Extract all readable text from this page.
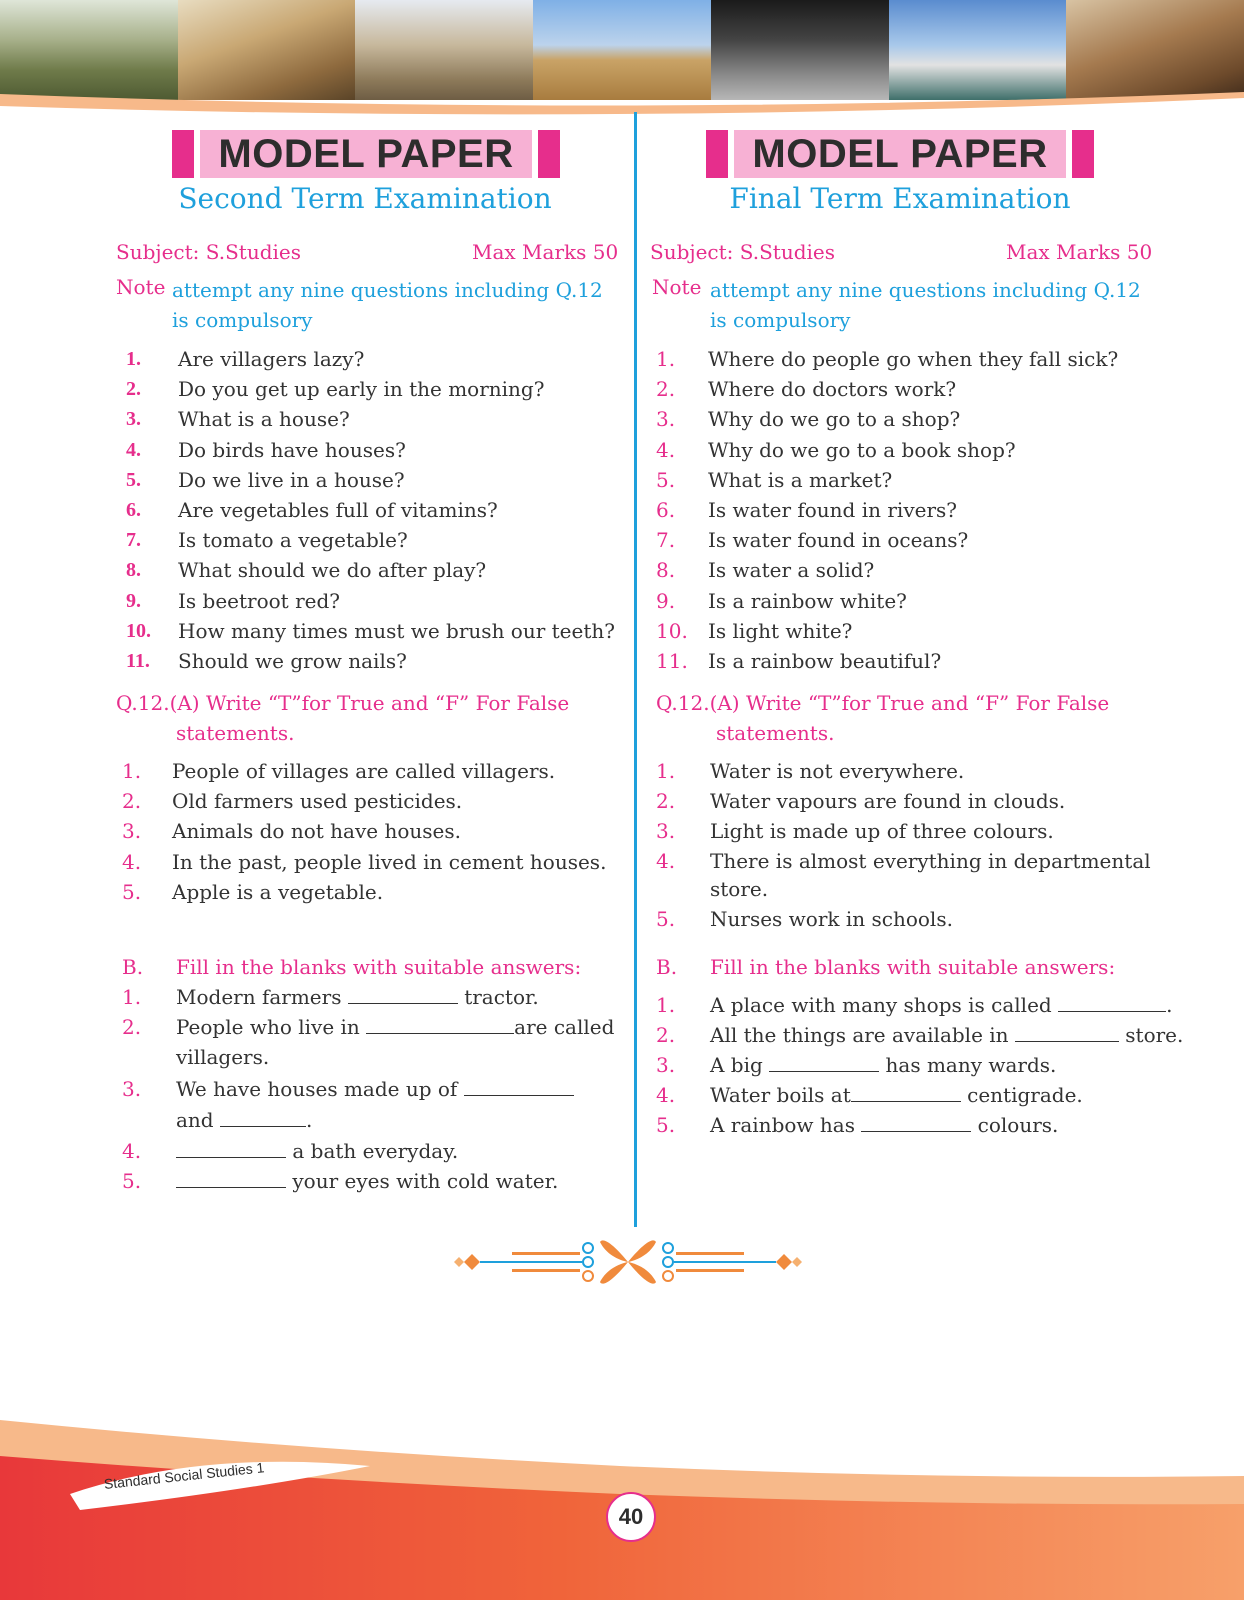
MODEL PAPER
Second Term Examination
Subject: S.Studies	Max Marks 50
Note attempt any nine questions including Q.12
is compulsory
1. Are villagers lazy?
2. Do you get up early in the morning?
3. What is a house?
4. Do birds have houses?
5. Do we live in a house?
6. Are vegetables full of vitamins?
7. Is tomato a vegetable?
8. What should we do after play?
9. Is beetroot red?
10. How many times must we brush our teeth?
11. Should we grow nails?
Q.12.(A) Write “T”for True and “F” For False
statements.
1. People of villages are called villagers.
2. Old farmers used pesticides.
3. Animals do not have houses.
4. In the past, people lived in cement houses.
5. Apple is a vegetable.
B. Fill in the blanks with suitable answers:
1. Modern farmers	tractor.
2. People who live in	are called
villagers.
3. We have houses made up of
and	.
4.	a bath everyday.
5.	your eyes with cold water.
MODEL PAPER
Final Term Examination
Subject: S.Studies	Max Marks 50
Note attempt any nine questions including Q.12
is compulsory
1. Where do people go when they fall sick?
2. Where do doctors work?
3. Why do we go to a shop?
4. Why do we go to a book shop?
5. What is a market?
6. Is water found in rivers?
7. Is water found in oceans?
8. Is water a solid?
9. Is a rainbow white?
10. Is light white?
11. Is a rainbow beautiful?
Q.12.(A) Write “T”for True and “F” For False
statements.
1. Water is not everywhere.
2. Water vapours are found in clouds.
3. Light is made up of three colours.
4. There is almost everything in departmental
store.
5. Nurses work in schools.
B. Fill in the blanks with suitable answers:
1. A place with many shops is called	.
2. All the things are available in	store.
3. A big	has many wards.
4. Water boils at	centigrade.
5. A rainbow has	colours.
Standard Social Studies 1
40
